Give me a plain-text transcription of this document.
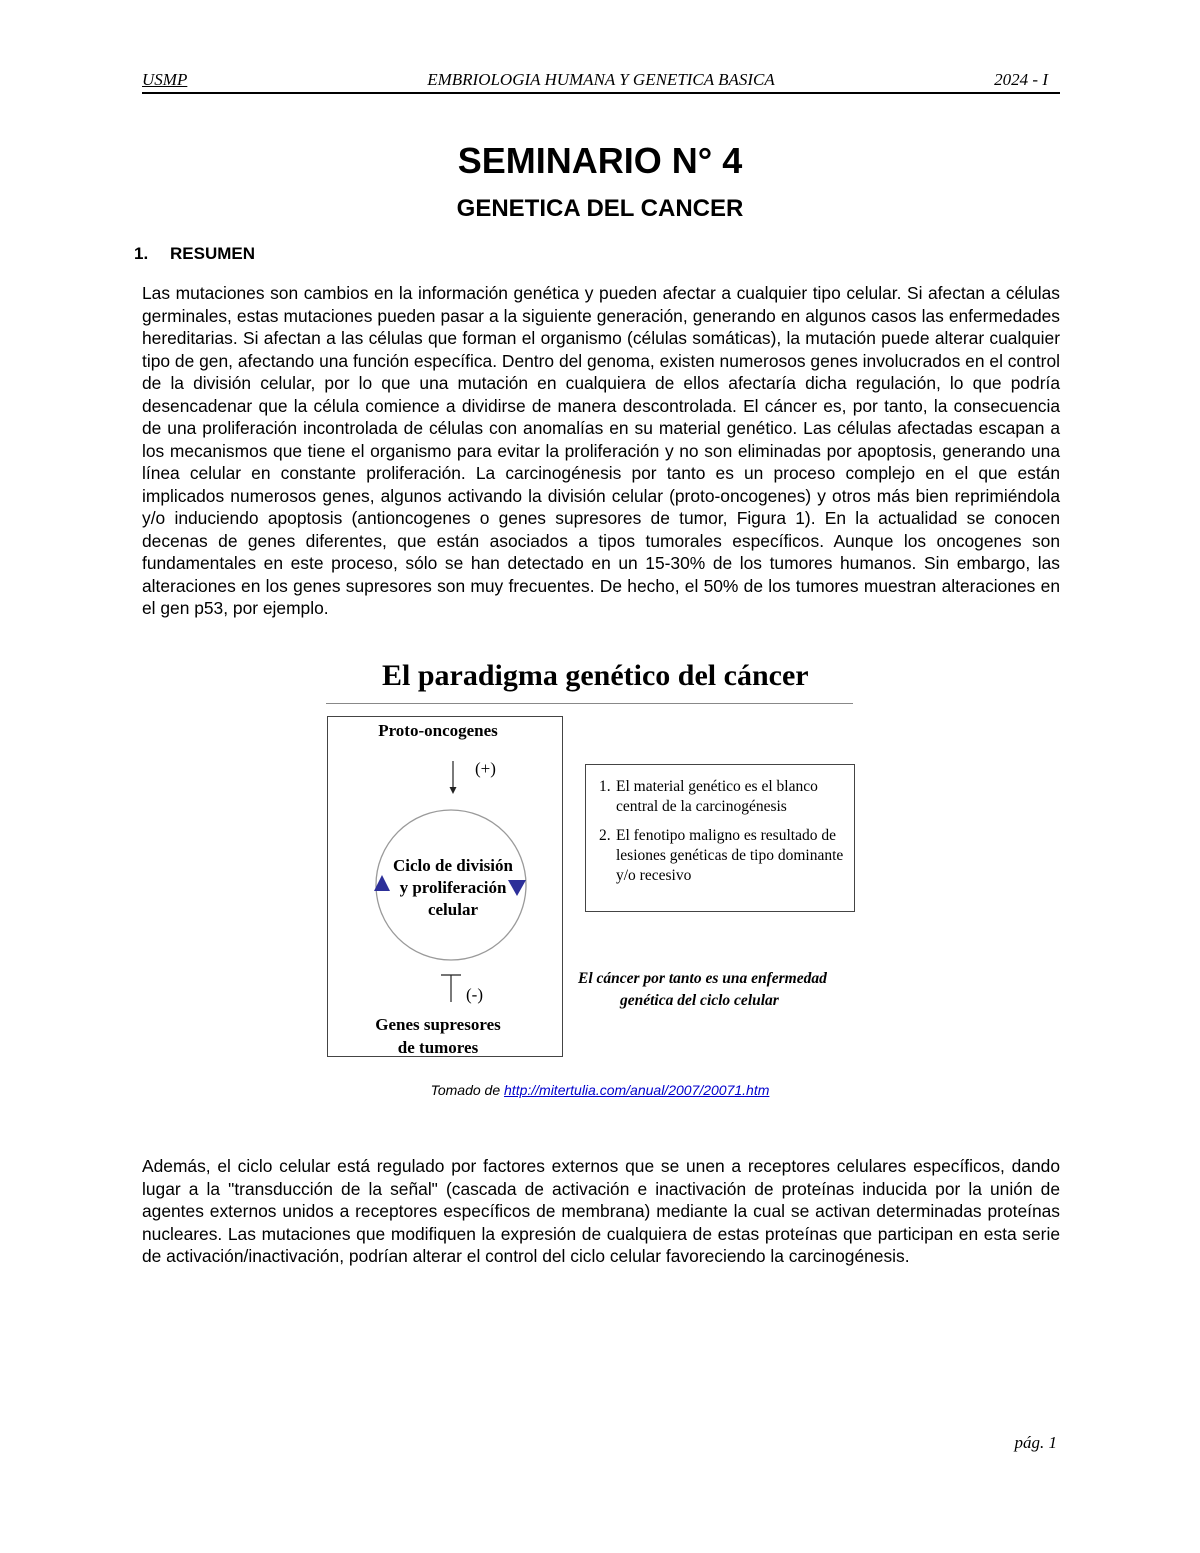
USMP	EMBRIOLOGIA HUMANA Y GENETICA BASICA	2024 - I
SEMINARIO N° 4
GENETICA DEL CANCER
1. RESUMEN

Las mutaciones son cambios en la información genética y pueden afectar a cualquier tipo celular. Si afectan a células germinales, estas mutaciones pueden pasar a la siguiente generación, generando en algunos casos las enfermedades hereditarias. Si afectan a las células que forman el organismo (células somáticas), la mutación puede alterar cualquier tipo de gen, afectando una función específica. Dentro del genoma, existen numerosos genes involucrados en el control de la división celular, por lo que una mutación en cualquiera de ellos afectaría dicha regulación, lo que podría desencadenar que la célula comience a dividirse de manera descontrolada. El cáncer es, por tanto, la consecuencia de una proliferación incontrolada de células con anomalías en su material genético. Las células afectadas escapan a los mecanismos que tiene el organismo para evitar la proliferación y no son eliminadas por apoptosis, generando una línea celular en constante proliferación. La carcinogénesis por tanto es un proceso complejo en el que están implicados numerosos genes, algunos activando la división celular (proto-oncogenes) y otros más bien reprimiéndola y/o induciendo apoptosis (antioncogenes o genes supresores de tumor, Figura 1). En la actualidad se conocen decenas de genes diferentes, que están asociados a tipos tumorales específicos. Aunque los oncogenes son fundamentales en este proceso, sólo se han detectado en un 15-30% de los tumores humanos. Sin embargo, las alteraciones en los genes supresores son muy frecuentes. De hecho, el 50% de los tumores muestran alteraciones en el gen p53, por ejemplo.

El paradigma genético del cáncer
Proto-oncogenes
(+)
Ciclo de división
y proliferación
celular
(-)
Genes supresores
de tumores
1. El material genético es el blanco central de la carcinogénesis
2. El fenotipo maligno es resultado de lesiones genéticas de tipo dominante y/o recesivo
El cáncer por tanto es una enfermedad
genética del ciclo celular
Tomado de http://mitertulia.com/anual/2007/20071.htm

Además, el ciclo celular está regulado por factores externos que se unen a receptores celulares específicos, dando lugar a la "transducción de la señal" (cascada de activación e inactivación de proteínas inducida por la unión de agentes externos unidos a receptores específicos de membrana) mediante la cual se activan determinadas proteínas nucleares. Las mutaciones que modifiquen la expresión de cualquiera de estas proteínas que participan en esta serie de activación/inactivación, podrían alterar el control del ciclo celular favoreciendo la carcinogénesis.

pág. 1
